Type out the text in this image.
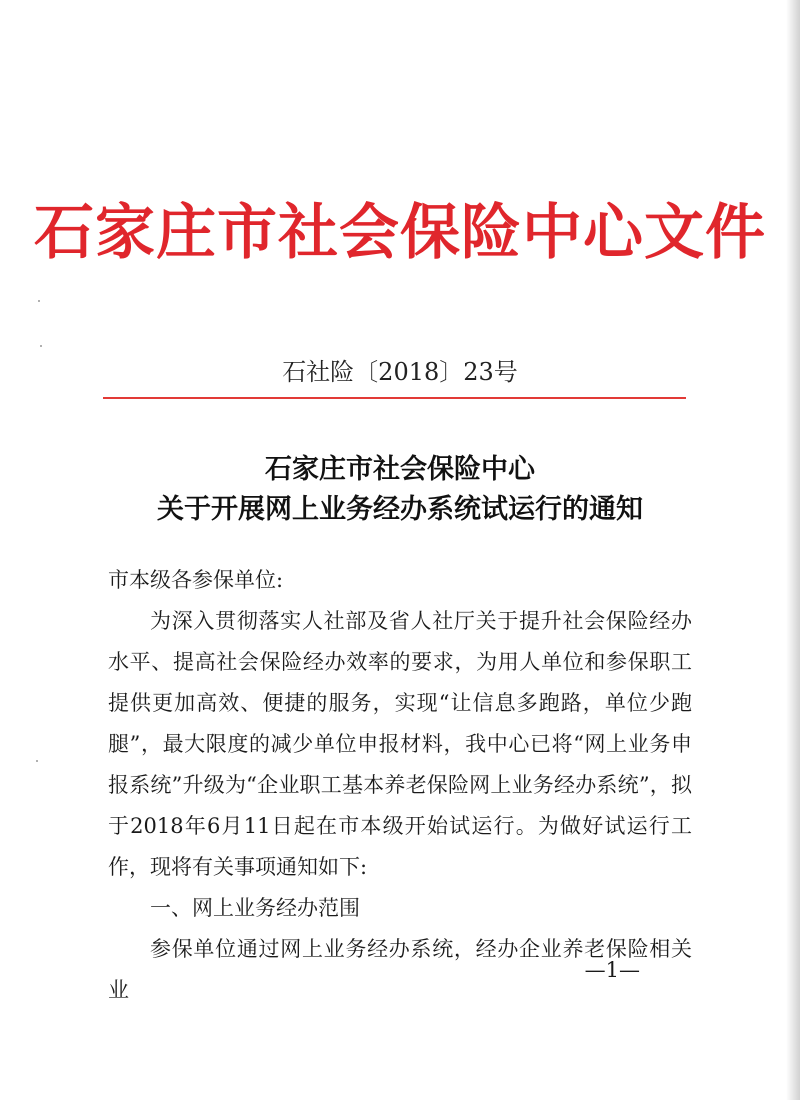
石家庄市社会保险中心文件
石社险〔2018〕23号
石家庄市社会保险中心
关于开展网上业务经办系统试运行的通知

市本级各参保单位:

为深入贯彻落实人社部及省人社厅关于提升社会保险经办水平、提高社会保险经办效率的要求，为用人单位和参保职工提供更加高效、便捷的服务，实现“让信息多跑路，单位少跑腿”，最大限度的减少单位申报材料，我中心已将“网上业务申报系统”升级为“企业职工基本养老保险网上业务经办系统”，拟于2018年6月11日起在市本级开始试运行。为做好试运行工作，现将有关事项通知如下:

一、网上业务经办范围

参保单位通过网上业务经办系统，经办企业养老保险相关业

—1—
